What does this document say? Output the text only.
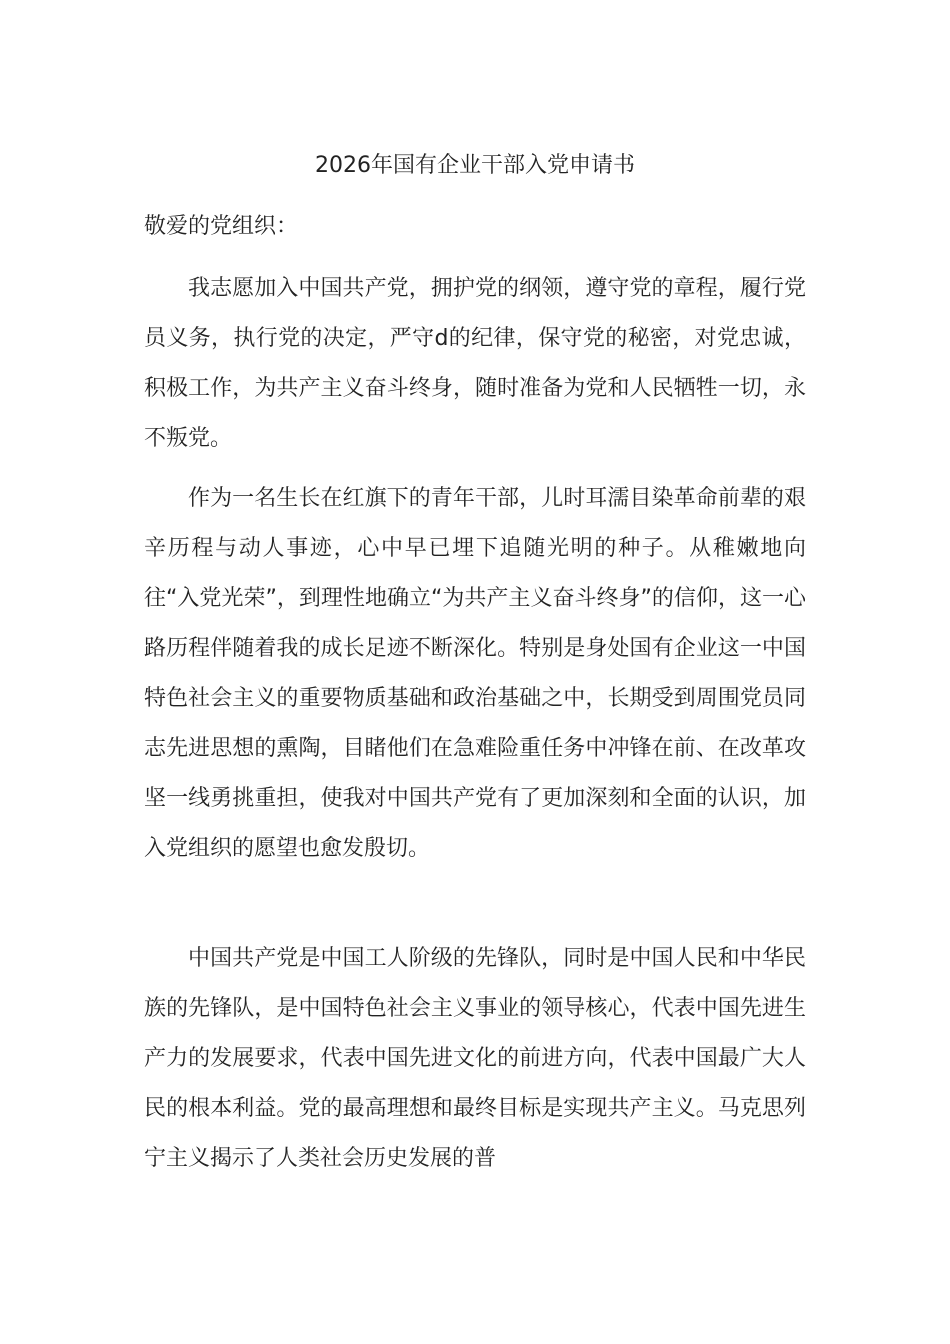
2026年国有企业干部入党申请书
敬爱的党组织：

我志愿加入中国共产党，拥护党的纲领，遵守党的章程，履行党员义务，执行党的决定，严守d的纪律，保守党的秘密，对党忠诚，积极工作，为共产主义奋斗终身，随时准备为党和人民牺牲一切，永不叛党。

作为一名生长在红旗下的青年干部，儿时耳濡目染革命前辈的艰辛历程与动人事迹，心中早已埋下追随光明的种子。从稚嫩地向往“入党光荣”，到理性地确立“为共产主义奋斗终身”的信仰，这一心路历程伴随着我的成长足迹不断深化。特别是身处国有企业这一中国特色社会主义的重要物质基础和政治基础之中，长期受到周围党员同志先进思想的熏陶，目睹他们在急难险重任务中冲锋在前、在改革攻坚一线勇挑重担，使我对中国共产党有了更加深刻和全面的认识，加入党组织的愿望也愈发殷切。

中国共产党是中国工人阶级的先锋队，同时是中国人民和中华民族的先锋队，是中国特色社会主义事业的领导核心，代表中国先进生产力的发展要求，代表中国先进文化的前进方向，代表中国最广大人民的根本利益。党的最高理想和最终目标是实现共产主义。马克思列宁主义揭示了人类社会历史发展的普
